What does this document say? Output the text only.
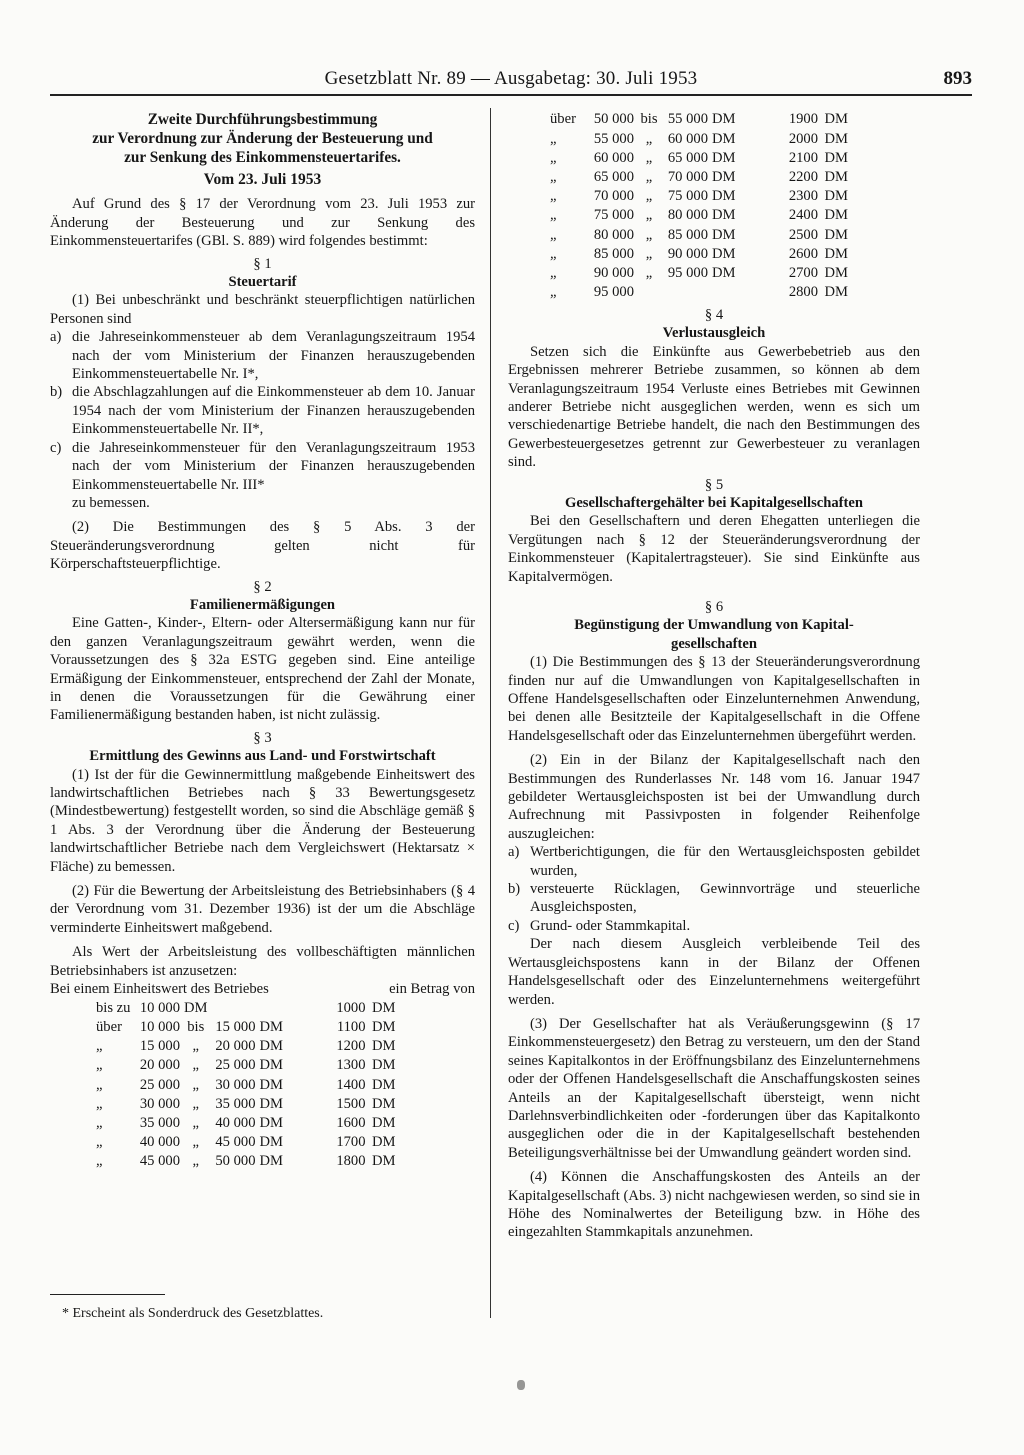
Gesetzblatt Nr. 89 — Ausgabetag: 30. Juli 1953	893
Zweite Durchführungsbestimmung
zur Verordnung zur Änderung der Besteuerung und
zur Senkung des Einkommensteuertarifes.
Vom 23. Juli 1953

Auf Grund des § 17 der Verordnung vom 23. Juli 1953 zur Änderung der Besteuerung und zur Senkung des Einkommensteuertarifes (GBl. S. 889) wird folgendes bestimmt:

§ 1
Steuertarif

(1) Bei unbeschränkt und beschränkt steuerpflichtigen natürlichen Personen sind

a) die Jahreseinkommensteuer ab dem Veranlagungszeitraum 1954 nach der vom Ministerium der Finanzen herauszugebenden Einkommensteuertabelle Nr. I*,
b) die Abschlagzahlungen auf die Einkommensteuer ab dem 10. Januar 1954 nach der vom Ministerium der Finanzen herauszugebenden Einkommensteuertabelle Nr. II*,
c) die Jahreseinkommensteuer für den Veranlagungszeitraum 1953 nach der vom Ministerium der Finanzen herauszugebenden Einkommensteuertabelle Nr. III*

zu bemessen.

(2) Die Bestimmungen des § 5 Abs. 3 der Steueränderungsverordnung gelten nicht für Körperschaftsteuerpflichtige.

§ 2
Familienermäßigungen

Eine Gatten-, Kinder-, Eltern- oder Altersermäßigung kann nur für den ganzen Veranlagungszeitraum gewährt werden, wenn die Voraussetzungen des § 32a ESTG gegeben sind. Eine anteilige Ermäßigung der Einkommensteuer, entsprechend der Zahl der Monate, in denen die Voraussetzungen für die Gewährung einer Familienermäßigung bestanden haben, ist nicht zulässig.

§ 3
Ermittlung des Gewinns aus Land- und Forstwirtschaft

(1) Ist der für die Gewinnermittlung maßgebende Einheitswert des landwirtschaftlichen Betriebes nach § 33 Bewertungsgesetz (Mindestbewertung) festgestellt worden, so sind die Abschläge gemäß § 1 Abs. 3 der Verordnung über die Änderung der Besteuerung landwirtschaftlicher Betriebe nach dem Vergleichswert (Hektarsatz × Fläche) zu bemessen.

(2) Für die Bewertung der Arbeitsleistung des Betriebsinhabers (§ 4 der Verordnung vom 31. Dezember 1936) ist der um die Abschläge verminderte Einheitswert maßgebend.

Als Wert der Arbeitsleistung des vollbeschäftigten männlichen Betriebsinhabers ist anzusetzen:

Bei einem Einheitswert des Betriebes	ein Betrag von
bis zu	10 000	DM			1000	DM
über	10 000	bis	15 000	DM	1100	DM
„	15 000	„	20 000	DM	1200	DM
„	20 000	„	25 000	DM	1300	DM
„	25 000	„	30 000	DM	1400	DM
„	30 000	„	35 000	DM	1500	DM
„	35 000	„	40 000	DM	1600	DM
„	40 000	„	45 000	DM	1700	DM
„	45 000	„	50 000	DM	1800	DM
über	50 000	bis	55 000	DM	1900	DM
„	55 000	„	60 000	DM	2000	DM
„	60 000	„	65 000	DM	2100	DM
„	65 000	„	70 000	DM	2200	DM
„	70 000	„	75 000	DM	2300	DM
„	75 000	„	80 000	DM	2400	DM
„	80 000	„	85 000	DM	2500	DM
„	85 000	„	90 000	DM	2600	DM
„	90 000	„	95 000	DM	2700	DM
„	95 000				2800	DM
§ 4
Verlustausgleich

Setzen sich die Einkünfte aus Gewerbebetrieb aus den Ergebnissen mehrerer Betriebe zusammen, so können ab dem Veranlagungszeitraum 1954 Verluste eines Betriebes mit Gewinnen anderer Betriebe nicht ausgeglichen werden, wenn es sich um verschiedenartige Betriebe handelt, die nach den Bestimmungen des Gewerbesteuergesetzes getrennt zur Gewerbesteuer zu veranlagen sind.

§ 5
Gesellschaftergehälter bei Kapitalgesellschaften

Bei den Gesellschaftern und deren Ehegatten unterliegen die Vergütungen nach § 12 der Steueränderungsverordnung der Einkommensteuer (Kapitalertragsteuer). Sie sind Einkünfte aus Kapitalvermögen.

§ 6
Begünstigung der Umwandlung von Kapital-
gesellschaften

(1) Die Bestimmungen des § 13 der Steueränderungsverordnung finden nur auf die Umwandlungen von Kapitalgesellschaften in Offene Handelsgesellschaften oder Einzelunternehmen Anwendung, bei denen alle Besitzteile der Kapitalgesellschaft in die Offene Handelsgesellschaft oder das Einzelunternehmen übergeführt werden.

(2) Ein in der Bilanz der Kapitalgesellschaft nach den Bestimmungen des Runderlasses Nr. 148 vom 16. Januar 1947 gebildeter Wertausgleichsposten ist bei der Umwandlung durch Aufrechnung mit Passivposten in folgender Reihenfolge auszugleichen:

a) Wertberichtigungen, die für den Wertausgleichsposten gebildet wurden,
b) versteuerte Rücklagen, Gewinnvorträge und steuerliche Ausgleichsposten,
c) Grund- oder Stammkapital.

Der nach diesem Ausgleich verbleibende Teil des Wertausgleichspostens kann in der Bilanz der Offenen Handelsgesellschaft oder des Einzelunternehmens weitergeführt werden.

(3) Der Gesellschafter hat als Veräußerungsgewinn (§ 17 Einkommensteuergesetz) den Betrag zu versteuern, um den der Stand seines Kapitalkontos in der Eröffnungsbilanz des Einzelunternehmens oder der Offenen Handelsgesellschaft die Anschaffungskosten seines Anteils an der Kapitalgesellschaft übersteigt, wenn nicht Darlehnsverbindlichkeiten oder -forderungen über das Kapitalkonto ausgeglichen oder die in der Kapitalgesellschaft bestehenden Beteiligungsverhältnisse bei der Umwandlung geändert worden sind.

(4) Können die Anschaffungskosten des Anteils an der Kapitalgesellschaft (Abs. 3) nicht nachgewiesen werden, so sind sie in Höhe des Nominalwertes der Beteiligung bzw. in Höhe des eingezahlten Stammkapitals anzunehmen.

* Erscheint als Sonderdruck des Gesetzblattes.
